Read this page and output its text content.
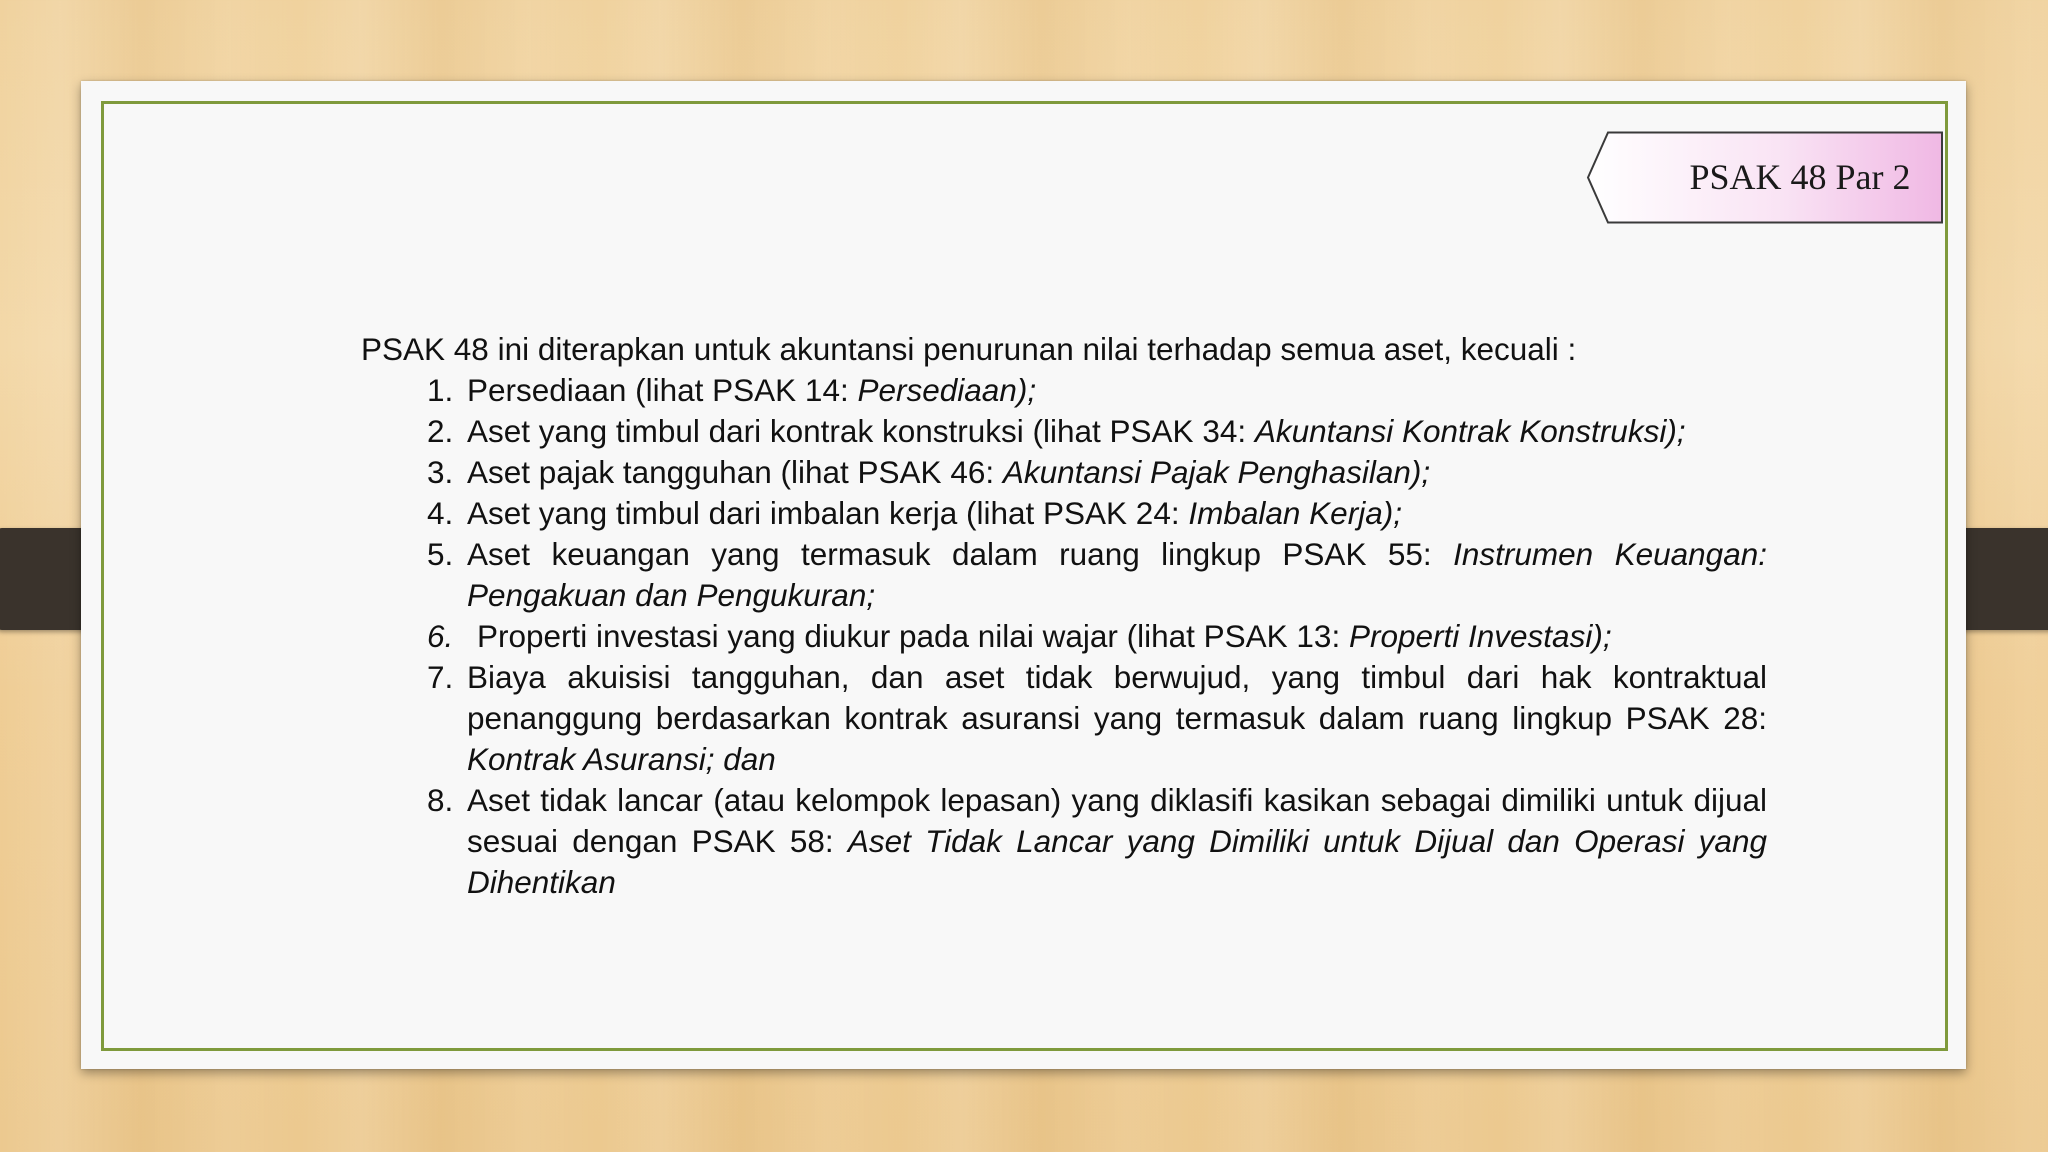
PSAK 48 Par 2

PSAK 48 ini diterapkan untuk akuntansi penurunan nilai terhadap semua aset, kecuali :

1. Persediaan (lihat PSAK 14: Persediaan);
2. Aset yang timbul dari kontrak konstruksi (lihat PSAK 34: Akuntansi Kontrak Konstruksi);
3. Aset pajak tangguhan (lihat PSAK 46: Akuntansi Pajak Penghasilan);
4. Aset yang timbul dari imbalan kerja (lihat PSAK 24: Imbalan Kerja);
5. Aset keuangan yang termasuk dalam ruang lingkup PSAK 55: Instrumen Keuangan: Pengakuan dan Pengukuran;
6. Properti investasi yang diukur pada nilai wajar (lihat PSAK 13: Properti Investasi);
7. Biaya akuisisi tangguhan, dan aset tidak berwujud, yang timbul dari hak kontraktual penanggung berdasarkan kontrak asuransi yang termasuk dalam ruang lingkup PSAK 28: Kontrak Asuransi; dan
8. Aset tidak lancar (atau kelompok lepasan) yang diklasifi kasikan sebagai dimiliki untuk dijual sesuai dengan PSAK 58: Aset Tidak Lancar yang Dimiliki untuk Dijual dan Operasi yang Dihentikan
